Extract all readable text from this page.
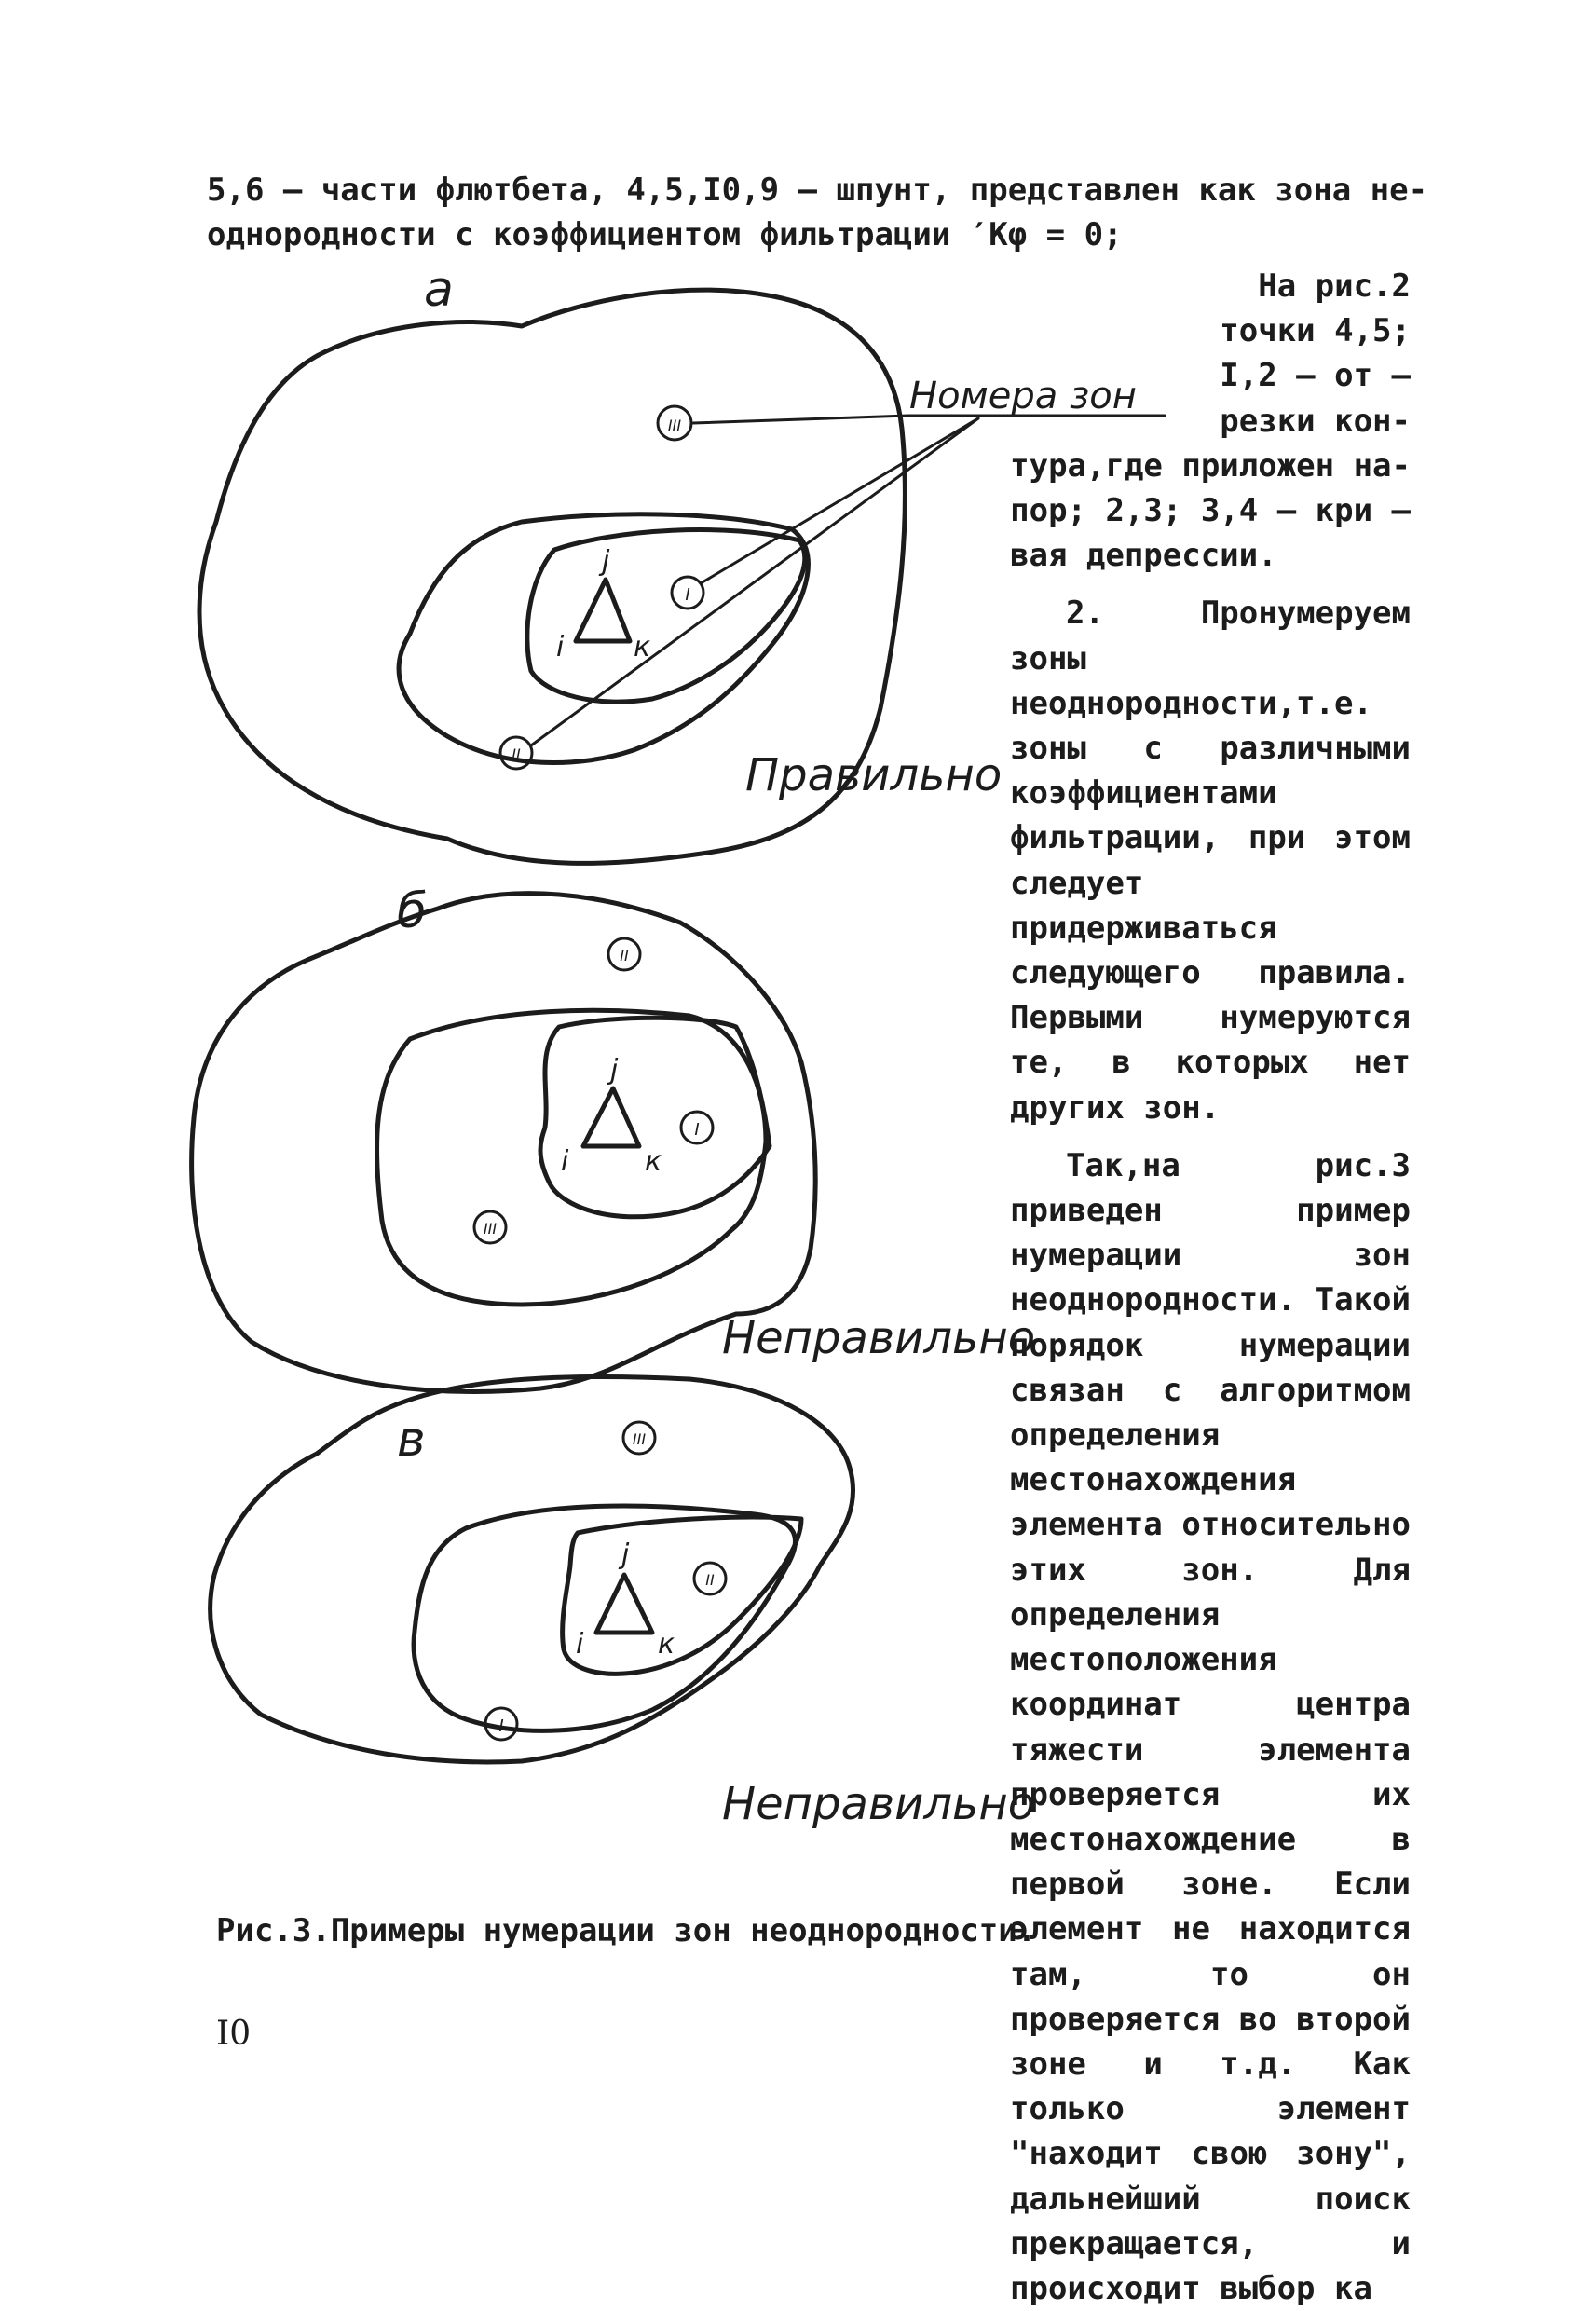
5,6 – части флютбета, 4,5,I0,9 – шпунт, представлен как зона не-

однородности с коэффициентом фильтрации ′Кφ = 0;

На рис.2

точки 4,5;

I,2 – от –

резки кон-

тура,где приложен на-

пор; 2,3; 3,4 – кри –

вая депрессии.

2. Пронумеруем зоны неоднородности,т.е. зоны с различными коэффициентами фильтрации, при этом следует придерживаться следующего правила. Первыми нумеруются те, в которых нет других зон.

Так,на рис.3 приведен пример нумерации зон неоднородности. Такой порядок нумерации связан с алгоритмом определения местонахождения элемента относительно этих зон. Для определения местоположения координат центра тяжести элемента проверяется их местонахождение в первой зоне. Если элемент не находится там, то он проверяется во второй зоне и т.д. Как только элемент "находит свою зону", дальнейший поиск прекращается, и происходит выбор ка

а
Номера зон
Правильно
III
I
II
j
i к
б
Неправильно
II
I
III
j
i	к
в
Неправильно
III
II
I
j
i	к
Рис.3.Примеры нумерации зон неоднородности.
I0
